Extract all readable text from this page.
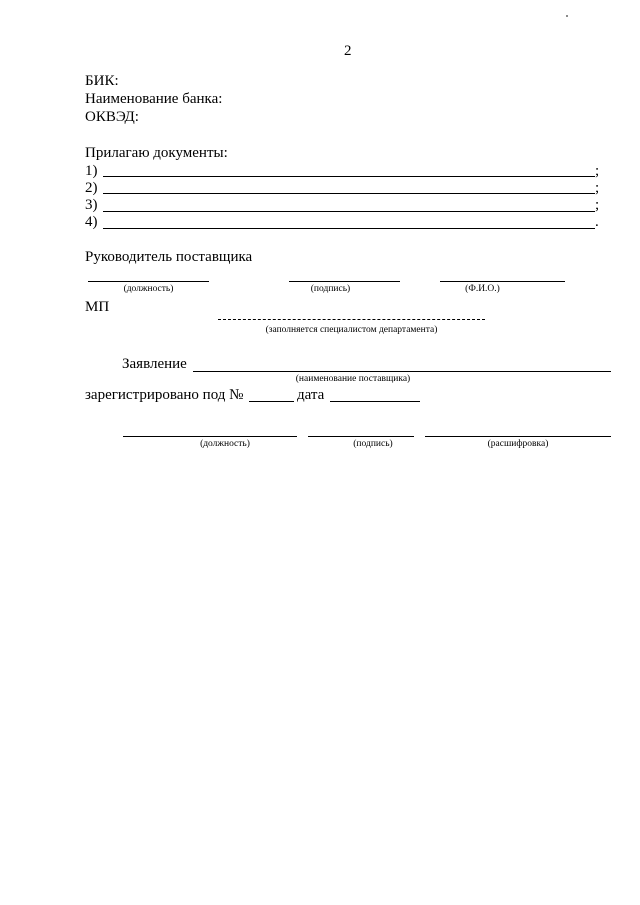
2
БИК:
Наименование банка:
ОКВЭД:
Прилагаю документы:
1)	;
2)	;
3)	;
4)	.
Руководитель поставщика
(должность)	(подпись)	(Ф.И.О.)
МП
(заполняется специалистом департамента)
Заявление
(наименование поставщика)
зарегистрировано под №	дата
(должность)	(подпись)	(расшифровка)
